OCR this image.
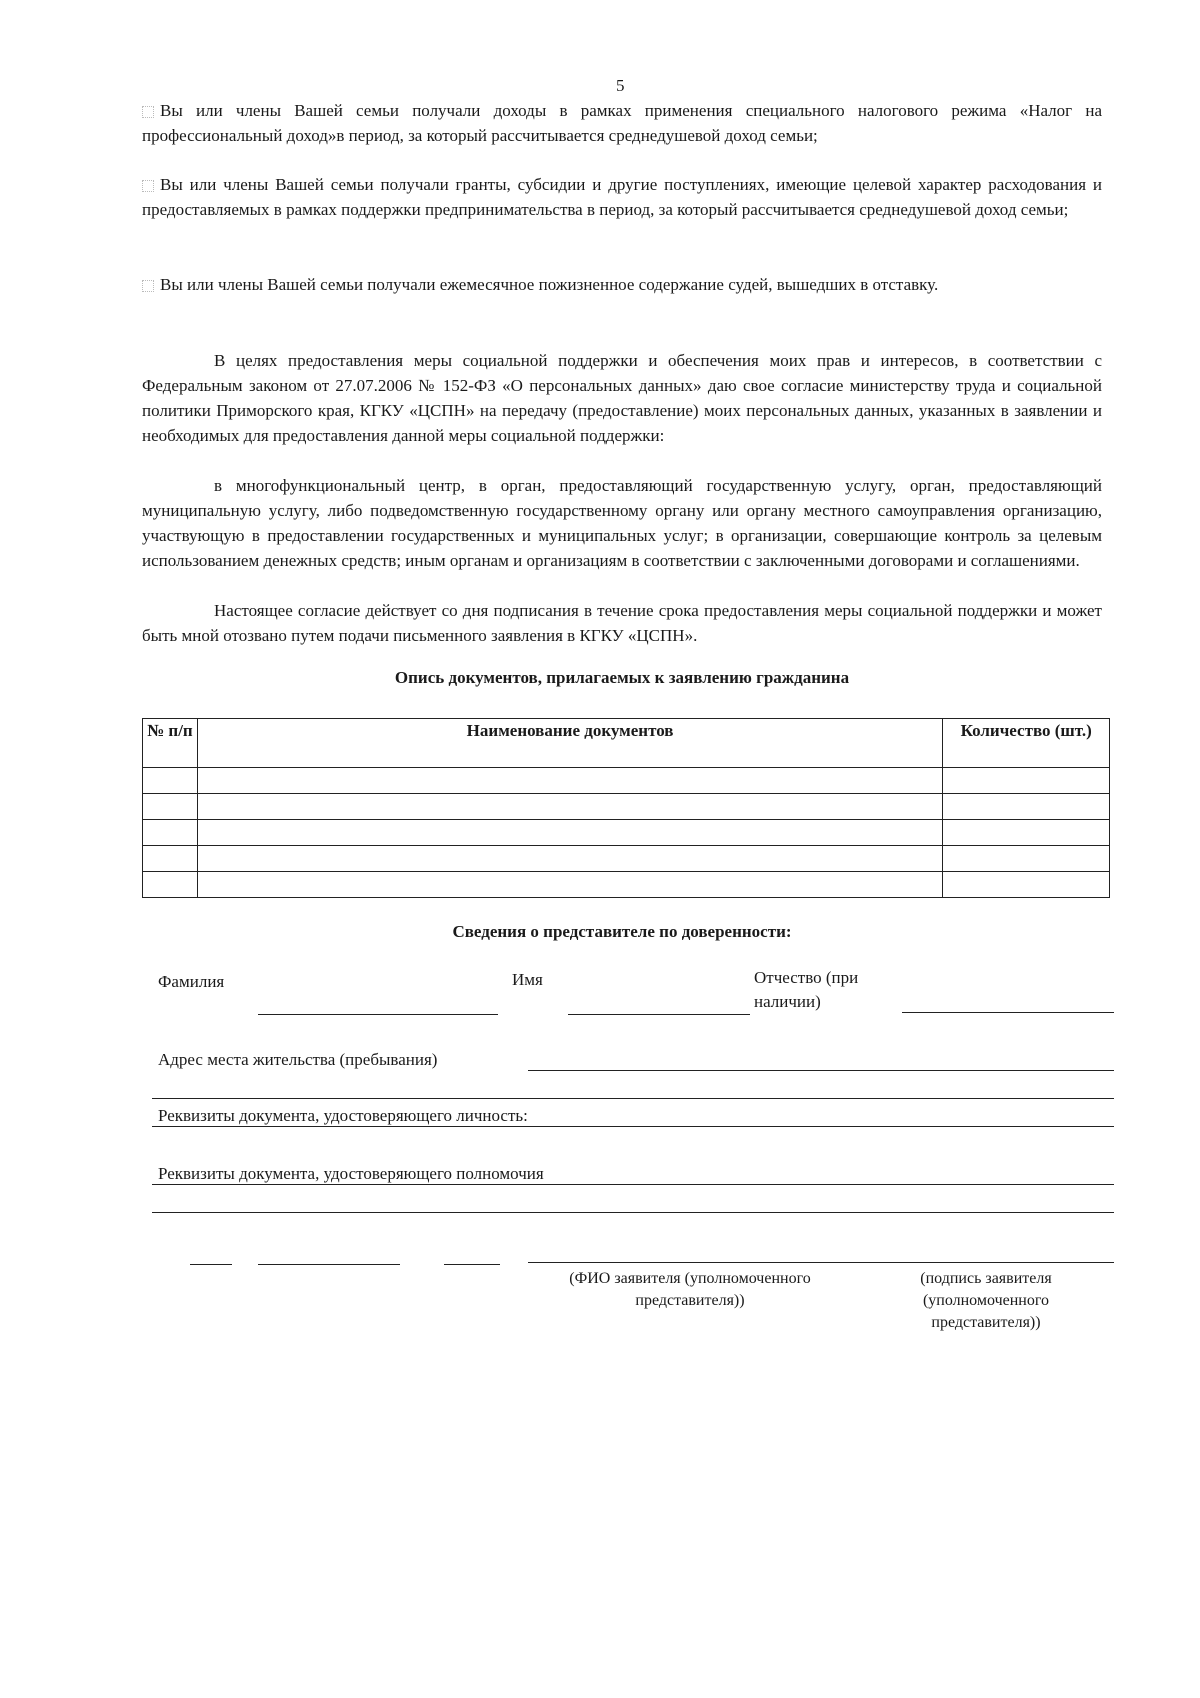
5

Вы или члены Вашей семьи получали доходы в рамках применения специального налогового режима «Налог на профессиональный доход»в период, за который рассчитывается среднедушевой доход семьи;

Вы или члены Вашей семьи получали гранты, субсидии и другие поступлениях, имеющие целевой характер расходования и предоставляемых в рамках поддержки предпринимательства в период, за который рассчитывается среднедушевой доход семьи;

Вы или члены Вашей семьи получали ежемесячное пожизненное содержание судей, вышедших в отставку.

В целях предоставления меры социальной поддержки и обеспечения моих прав и интересов, в соответствии с Федеральным законом от 27.07.2006 № 152-ФЗ «О персональных данных» даю свое согласие министерству труда и социальной политики Приморского края, КГКУ «ЦСПН» на передачу (предоставление) моих персональных данных, указанных в заявлении и необходимых для предоставления данной меры социальной поддержки:

в многофункциональный центр, в орган, предоставляющий государственную услугу, орган, предоставляющий муниципальную услугу, либо подведомственную государственному органу или органу местного самоуправления организацию, участвующую в предоставлении государственных и муниципальных услуг; в организации, совершающие контроль за целевым использованием денежных средств; иным органам и организациям в соответствии с заключенными договорами и соглашениями.

Настоящее согласие действует со дня подписания в течение срока предоставления меры социальной поддержки и может быть мной отозвано путем подачи письменного заявления в КГКУ «ЦСПН».

Опись документов, прилагаемых к заявлению гражданина
№ п/п	Наименование документов	Количество (шт.)

Сведения о представителе по доверенности:
Фамилия	Имя	Отчество (при наличии)
Адрес места жительства (пребывания)
Реквизиты документа, удостоверяющего личность:
Реквизиты документа, удостоверяющего полномочия
(ФИО заявителя (уполномоченного представителя))
(подпись заявителя (уполномоченного представителя))
